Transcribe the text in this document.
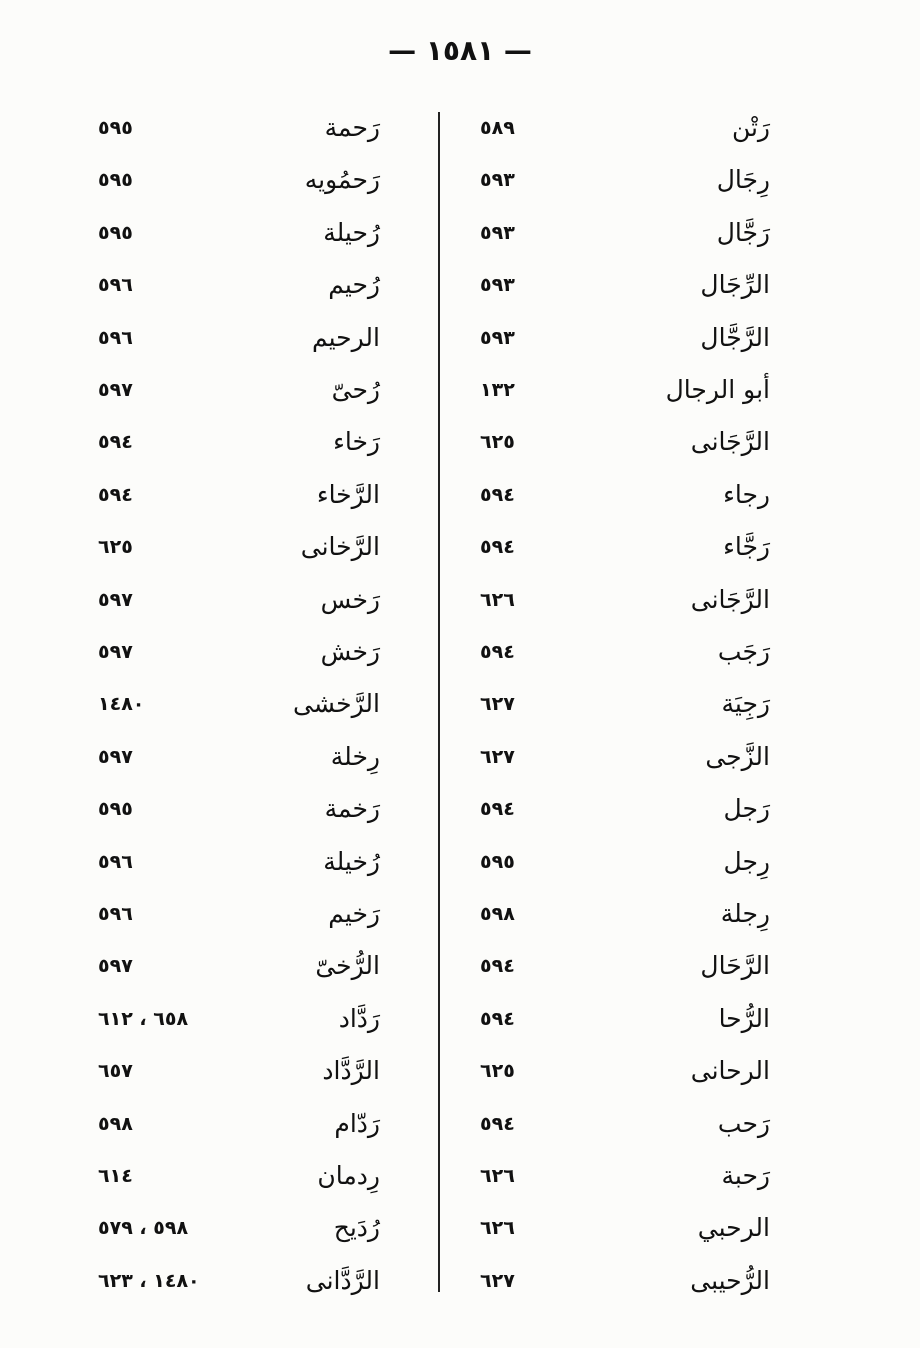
— ١٥٨١ —
رَتْن
٥٨٩
رِجَال
٥٩٣
رَجَّال
٥٩٣
الرِّجَال
٥٩٣
الرَّجَّال
٥٩٣
أبو الرجال
١٣٢
الرَّجَانى
٦٢٥
رجاء
٥٩٤
رَجَّاء
٥٩٤
الرَّجَانى
٦٢٦
رَجَب
٥٩٤
رَجِيَة
٦٢٧
الزَّجى
٦٢٧
رَجل
٥٩٤
رِجل
٥٩٥
رِجلة
٥٩٨
الرَّحَال
٥٩٤
الرُّحا
٥٩٤
الرحانى
٦٢٥
رَحب
٥٩٤
رَحبة
٦٢٦
الرحبي
٦٢٦
الرُّحيبى
٦٢٧
رَحمة
٥٩٥
رَحمُويه
٥٩٥
رُحيلة
٥٩٥
رُحيم
٥٩٦
الرحيم
٥٩٦
رُحىّ
٥٩٧
رَخاء
٥٩٤
الرَّخاء
٥٩٤
الرَّخانى
٦٢٥
رَخس
٥٩٧
رَخش
٥٩٧
الرَّخشى
١٤٨٠
رِخلة
٥٩٧
رَخمة
٥٩٥
رُخيلة
٥٩٦
رَخيم
٥٩٦
الرُّخىّ
٥٩٧
رَدَّاد
٦٥٨ ، ٦١٢
الرَّدَّاد
٦٥٧
رَدّام
٥٩٨
رِدمان
٦١٤
رُدَيح
٥٩٨ ، ٥٧٩
الرَّدَّانى
١٤٨٠ ، ٦٢٣
